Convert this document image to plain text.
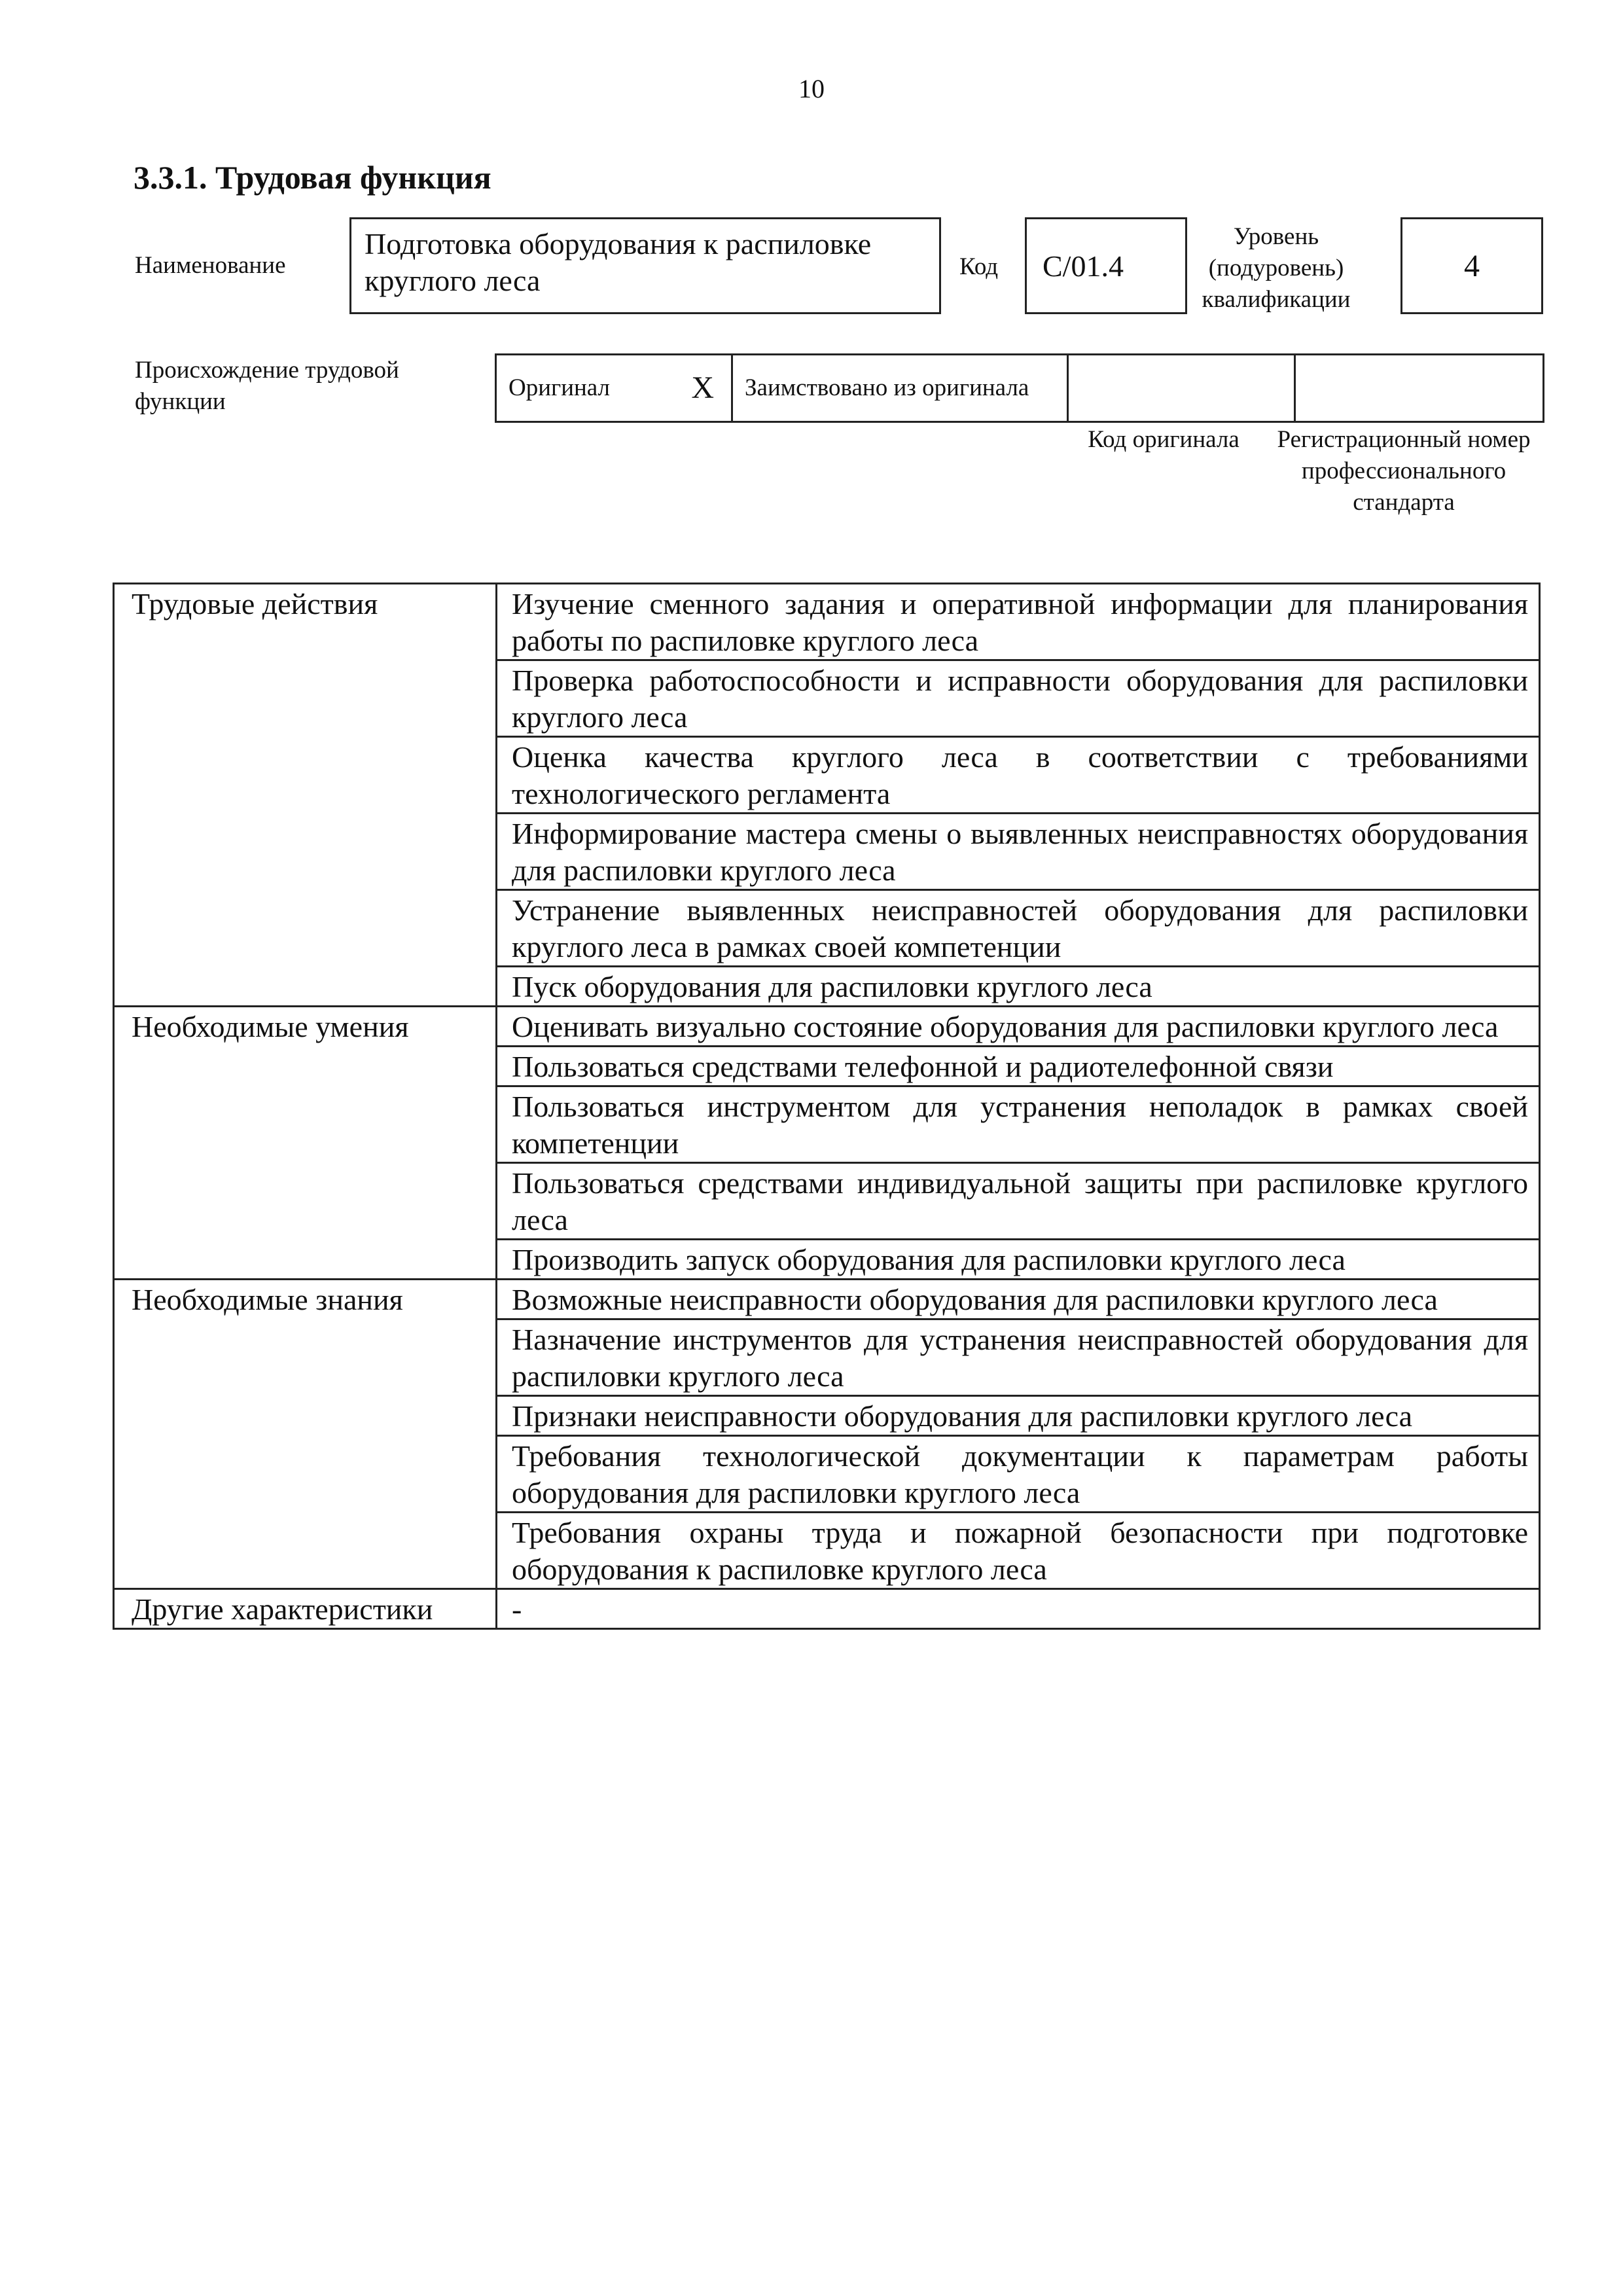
10
3.3.1. Трудовая функция
Наименование
Подготовка оборудования к распиловке круглого леса	Код	C/01.4
Уровень (подуровень) квалификации
4
Происхождение трудовой функции
Оригинал	X	Заимствовано из оригинала		
Код оригинала	Регистрационный номер профессионального стандарта
Трудовые действия	Изучение сменного задания и оперативной информации для планирования работы по распиловке круглого леса
	Проверка работоспособности и исправности оборудования для распиловки круглого леса
	Оценка качества круглого леса в соответствии с требованиями технологического регламента
	Информирование мастера смены о выявленных неисправностях оборудования для распиловки круглого леса
	Устранение выявленных неисправностей оборудования для распиловки круглого леса в рамках своей компетенции
	Пуск оборудования для распиловки круглого леса
Необходимые умения	Оценивать визуально состояние оборудования для распиловки круглого леса
	Пользоваться средствами телефонной и радиотелефонной связи
	Пользоваться инструментом для устранения неполадок в рамках своей компетенции
	Пользоваться средствами индивидуальной защиты при распиловке круглого леса
	Производить запуск оборудования для распиловки круглого леса
Необходимые знания	Возможные неисправности оборудования для распиловки круглого леса
	Назначение инструментов для устранения неисправностей оборудования для распиловки круглого леса
	Признаки неисправности оборудования для распиловки круглого леса
	Требования технологической документации к параметрам работы оборудования для распиловки круглого леса
	Требования охраны труда и пожарной безопасности при подготовке оборудования к распиловке круглого леса
Другие характеристики	-
